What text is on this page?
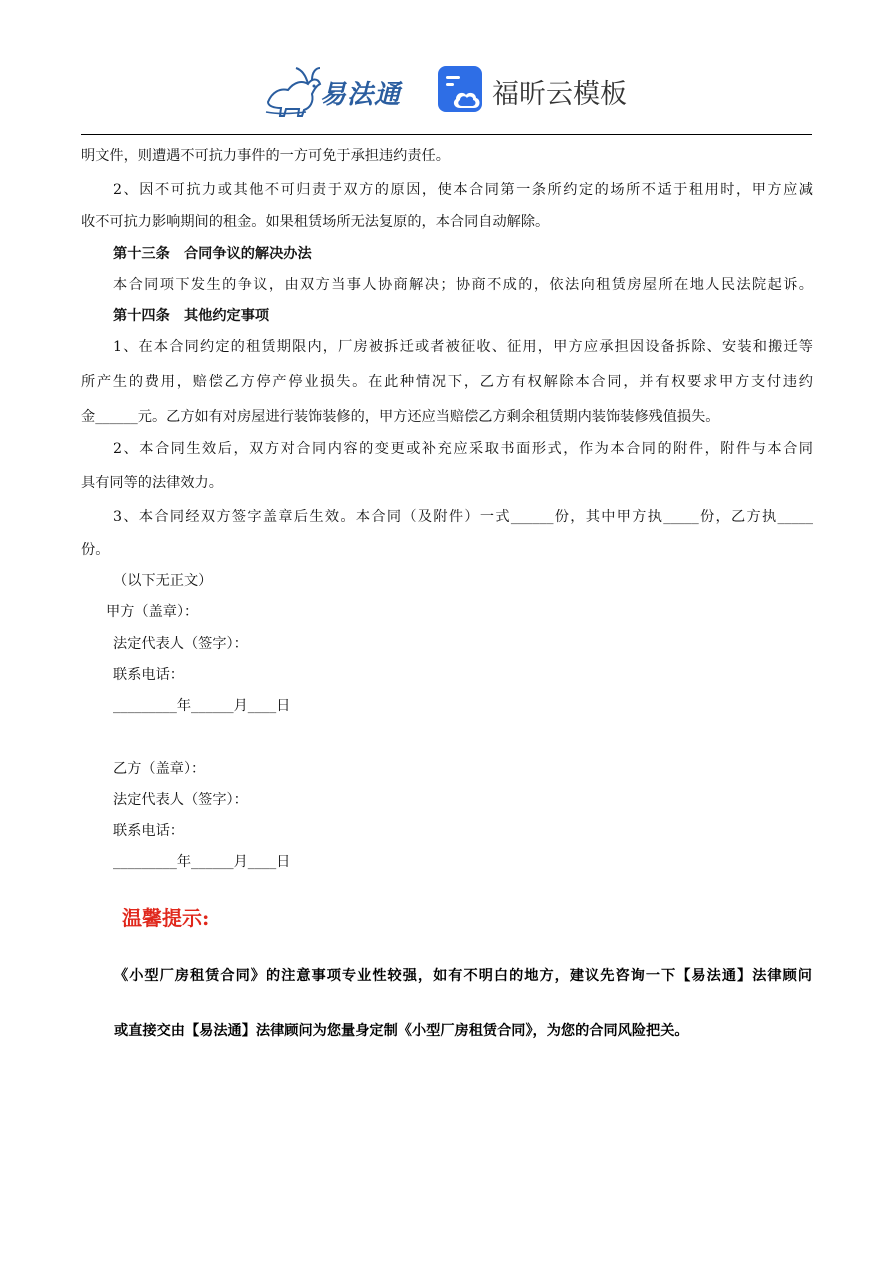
易法通	福昕云模板
明文件，则遭遇不可抗力事件的一方可免于承担违约责任。
2、因不可抗力或其他不可归责于双方的原因，使本合同第一条所约定的场所不适于租用时，甲方应减
收不可抗力影响期间的租金。如果租赁场所无法复原的，本合同自动解除。
第十三条　合同争议的解决办法
本合同项下发生的争议，由双方当事人协商解决；协商不成的，依法向租赁房屋所在地人民法院起诉。
第十四条　其他约定事项
1、在本合同约定的租赁期限内，厂房被拆迁或者被征收、征用，甲方应承担因设备拆除、安装和搬迁等
所产生的费用，赔偿乙方停产停业损失。在此种情况下，乙方有权解除本合同，并有权要求甲方支付违约
金______元。乙方如有对房屋进行装饰装修的，甲方还应当赔偿乙方剩余租赁期内装饰装修残值损失。
2、本合同生效后，双方对合同内容的变更或补充应采取书面形式，作为本合同的附件，附件与本合同
具有同等的法律效力。
3、本合同经双方签字盖章后生效。本合同（及附件）一式______份，其中甲方执_____份，乙方执_____
份。
（以下无正文）
甲方（盖章）：
法定代表人（签字）：
联系电话：
_________年______月____日
乙方（盖章）：
法定代表人（签字）：
联系电话：
_________年______月____日
温馨提示:
《小型厂房租赁合同》的注意事项专业性较强，如有不明白的地方，建议先咨询一下【易法通】法律顾问
或直接交由【易法通】法律顾问为您量身定制《小型厂房租赁合同》，为您的合同风险把关。
